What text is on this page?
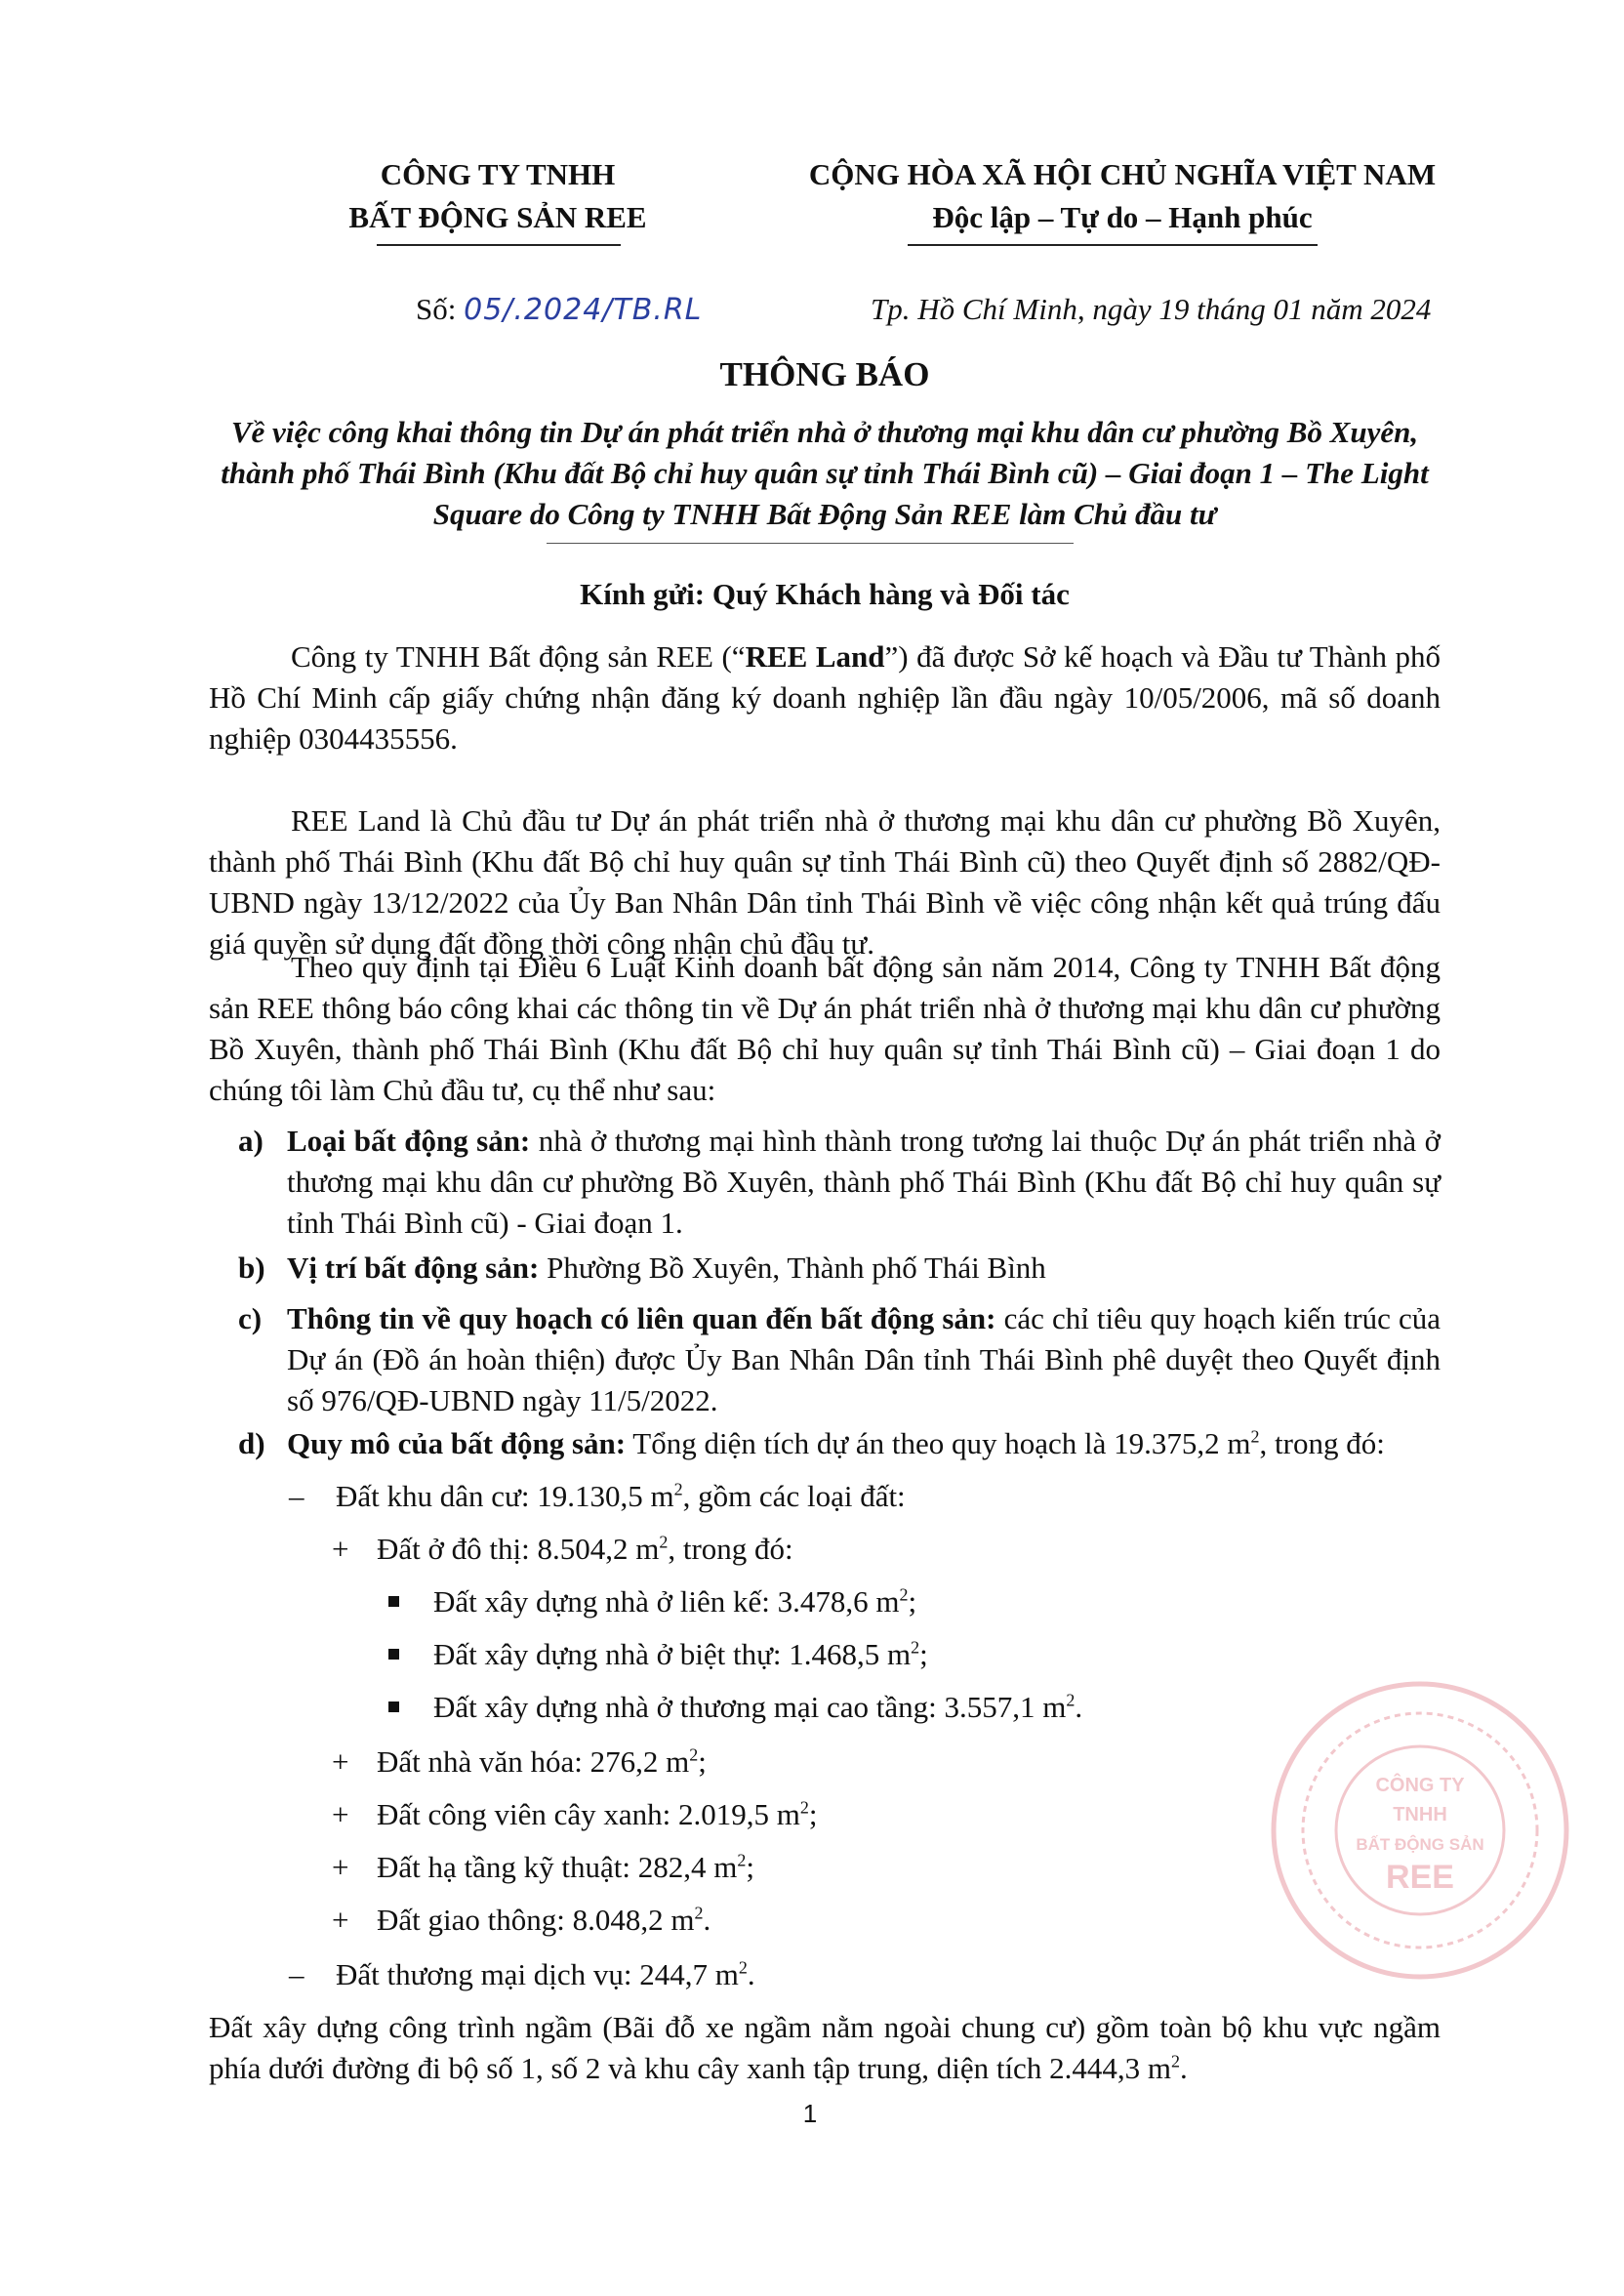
CÔNG TY TNHH
BẤT ĐỘNG SẢN REE
CỘNG HÒA XÃ HỘI CHỦ NGHĨA VIỆT NAM
Độc lập – Tự do – Hạnh phúc
Số: 05/.2024/TB.RL	Tp. Hồ Chí Minh, ngày 19 tháng 01 năm 2024
THÔNG BÁO
Về việc công khai thông tin Dự án phát triển nhà ở thương mại khu dân cư phường Bồ Xuyên,
thành phố Thái Bình (Khu đất Bộ chỉ huy quân sự tỉnh Thái Bình cũ) – Giai đoạn 1 – The Light
Square do Công ty TNHH Bất Động Sản REE làm Chủ đầu tư
Kính gửi: Quý Khách hàng và Đối tác
Công ty TNHH Bất động sản REE (“REE Land”) đã được Sở kế hoạch và Đầu tư Thành phố Hồ Chí Minh cấp giấy chứng nhận đăng ký doanh nghiệp lần đầu ngày 10/05/2006, mã số doanh nghiệp 0304435556.
REE Land là Chủ đầu tư Dự án phát triển nhà ở thương mại khu dân cư phường Bồ Xuyên, thành phố Thái Bình (Khu đất Bộ chỉ huy quân sự tỉnh Thái Bình cũ) theo Quyết định số 2882/QĐ-UBND ngày 13/12/2022 của Ủy Ban Nhân Dân tỉnh Thái Bình về việc công nhận kết quả trúng đấu giá quyền sử dụng đất đồng thời công nhận chủ đầu tư.
Theo quy định tại Điều 6 Luật Kinh doanh bất động sản năm 2014, Công ty TNHH Bất động sản REE thông báo công khai các thông tin về Dự án phát triển nhà ở thương mại khu dân cư phường Bồ Xuyên, thành phố Thái Bình (Khu đất Bộ chỉ huy quân sự tỉnh Thái Bình cũ) – Giai đoạn 1 do chúng tôi làm Chủ đầu tư, cụ thể như sau:
a) Loại bất động sản: nhà ở thương mại hình thành trong tương lai thuộc Dự án phát triển nhà ở thương mại khu dân cư phường Bồ Xuyên, thành phố Thái Bình (Khu đất Bộ chỉ huy quân sự tỉnh Thái Bình cũ) - Giai đoạn 1.
b) Vị trí bất động sản: Phường Bồ Xuyên, Thành phố Thái Bình
c) Thông tin về quy hoạch có liên quan đến bất động sản: các chỉ tiêu quy hoạch kiến trúc của Dự án (Đồ án hoàn thiện) được Ủy Ban Nhân Dân tỉnh Thái Bình phê duyệt theo Quyết định số 976/QĐ-UBND ngày 11/5/2022.
d) Quy mô của bất động sản: Tổng diện tích dự án theo quy hoạch là 19.375,2 $m^2$, trong đó:
– Đất khu dân cư: 19.130,5 $m^2$, gồm các loại đất:
+ Đất ở đô thị: 8.504,2 $m^2$, trong đó:
Đất xây dựng nhà ở liên kế: 3.478,6 $m^2$;
Đất xây dựng nhà ở biệt thự: 1.468,5 $m^2$;
Đất xây dựng nhà ở thương mại cao tầng: 3.557,1 $m^2$.
+ Đất nhà văn hóa: 276,2 $m^2$;
+ Đất công viên cây xanh: 2.019,5 $m^2$;
+ Đất hạ tầng kỹ thuật: 282,4 $m^2$;
+ Đất giao thông: 8.048,2 $m^2$.
– Đất thương mại dịch vụ: 244,7 $m^2$.
Đất xây dựng công trình ngầm (Bãi đỗ xe ngầm nằm ngoài chung cư) gồm toàn bộ khu vực ngầm phía dưới đường đi bộ số 1, số 2 và khu cây xanh tập trung, diện tích 2.444,3 $m^2$.
1
CÔNG TY
TNHH
BẤT ĐỘNG SẢN
REE
